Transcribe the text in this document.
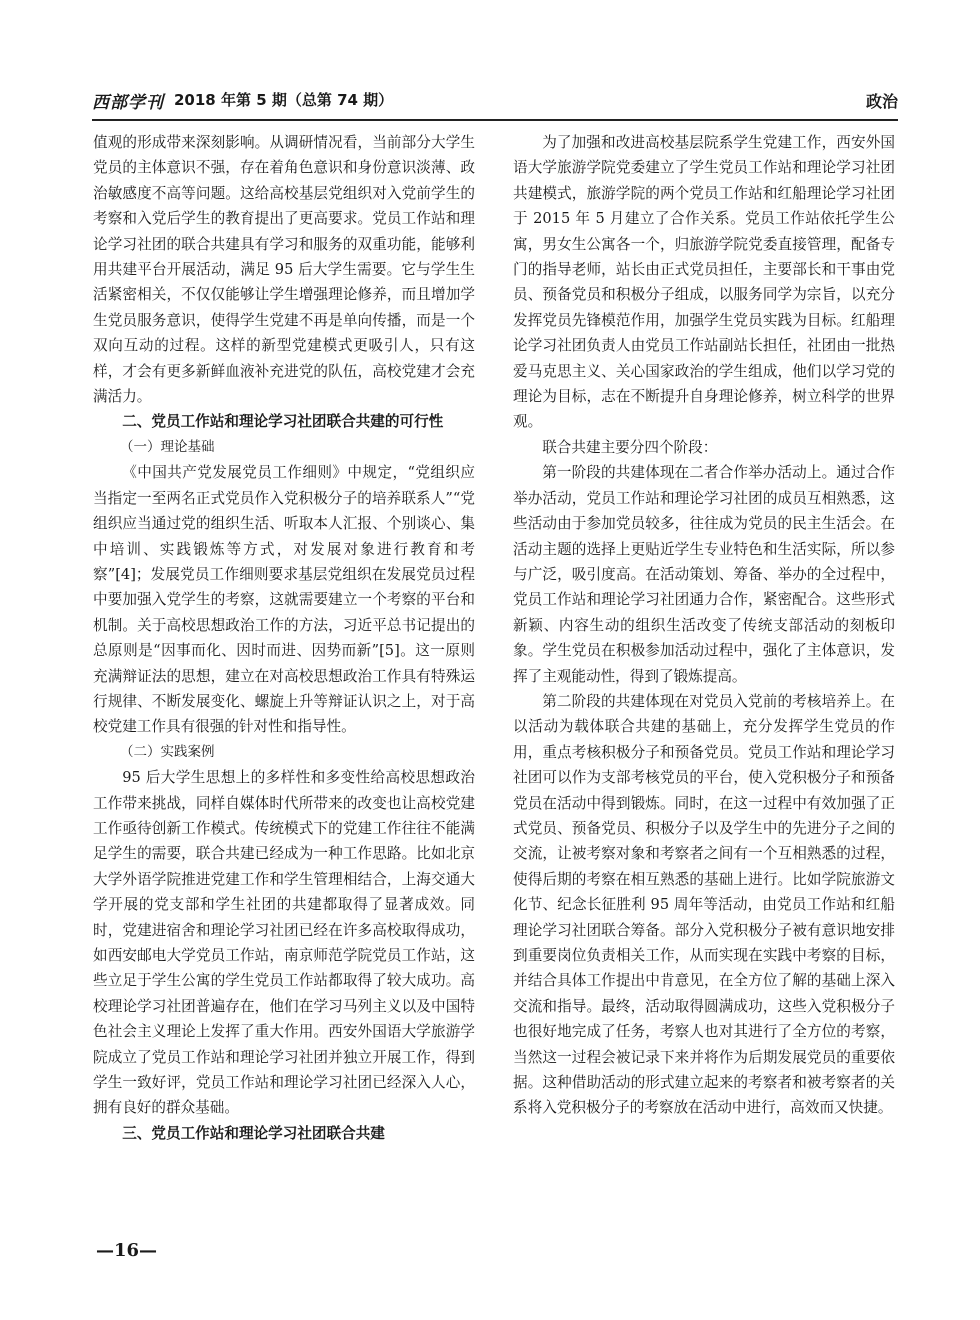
西部学刊 2018 年第 5 期（总第 74 期）	政治

值观的形成带来深刻影响。从调研情况看，当前部分大学生党员的主体意识不强，存在着角色意识和身份意识淡薄、政治敏感度不高等问题。这给高校基层党组织对入党前学生的考察和入党后学生的教育提出了更高要求。党员工作站和理论学习社团的联合共建具有学习和服务的双重功能，能够利用共建平台开展活动，满足 95 后大学生需要。它与学生生活紧密相关，不仅仅能够让学生增强理论修养，而且增加学生党员服务意识，使得学生党建不再是单向传播，而是一个双向互动的过程。这样的新型党建模式更吸引人，只有这样，才会有更多新鲜血液补充进党的队伍，高校党建才会充满活力。

二、党员工作站和理论学习社团联合共建的可行性
（一）理论基础

《中国共产党发展党员工作细则》中规定，“党组织应当指定一至两名正式党员作入党积极分子的培养联系人”“党组织应当通过党的组织生活、听取本人汇报、个别谈心、集中培训、实践锻炼等方式，对发展对象进行教育和考察”[4]；发展党员工作细则要求基层党组织在发展党员过程中要加强入党学生的考察，这就需要建立一个考察的平台和机制。关于高校思想政治工作的方法，习近平总书记提出的总原则是“因事而化、因时而进、因势而新”[5]。这一原则充满辩证法的思想，建立在对高校思想政治工作具有特殊运行规律、不断发展变化、螺旋上升等辩证认识之上，对于高校党建工作具有很强的针对性和指导性。

（二）实践案例

95 后大学生思想上的多样性和多变性给高校思想政治工作带来挑战，同样自媒体时代所带来的改变也让高校党建工作亟待创新工作模式。传统模式下的党建工作往往不能满足学生的需要，联合共建已经成为一种工作思路。比如北京大学外语学院推进党建工作和学生管理相结合，上海交通大学开展的党支部和学生社团的共建都取得了显著成效。同时，党建进宿舍和理论学习社团已经在许多高校取得成功，如西安邮电大学党员工作站，南京师范学院党员工作站，这些立足于学生公寓的学生党员工作站都取得了较大成功。高校理论学习社团普遍存在，他们在学习马列主义以及中国特色社会主义理论上发挥了重大作用。西安外国语大学旅游学院成立了党员工作站和理论学习社团并独立开展工作，得到学生一致好评，党员工作站和理论学习社团已经深入人心，拥有良好的群众基础。

三、党员工作站和理论学习社团联合共建

为了加强和改进高校基层院系学生党建工作，西安外国语大学旅游学院党委建立了学生党员工作站和理论学习社团共建模式，旅游学院的两个党员工作站和红船理论学习社团于 2015 年 5 月建立了合作关系。党员工作站依托学生公寓，男女生公寓各一个，归旅游学院党委直接管理，配备专门的指导老师，站长由正式党员担任，主要部长和干事由党员、预备党员和积极分子组成，以服务同学为宗旨，以充分发挥党员先锋模范作用，加强学生党员实践为目标。红船理论学习社团负责人由党员工作站副站长担任，社团由一批热爱马克思主义、关心国家政治的学生组成，他们以学习党的理论为目标，志在不断提升自身理论修养，树立科学的世界观。

联合共建主要分四个阶段：

第一阶段的共建体现在二者合作举办活动上。通过合作举办活动，党员工作站和理论学习社团的成员互相熟悉，这些活动由于参加党员较多，往往成为党员的民主生活会。在活动主题的选择上更贴近学生专业特色和生活实际，所以参与广泛，吸引度高。在活动策划、筹备、举办的全过程中，党员工作站和理论学习社团通力合作，紧密配合。这些形式新颖、内容生动的组织生活改变了传统支部活动的刻板印象。学生党员在积极参加活动过程中，强化了主体意识，发挥了主观能动性，得到了锻炼提高。

第二阶段的共建体现在对党员入党前的考核培养上。在以活动为载体联合共建的基础上，充分发挥学生党员的作用，重点考核积极分子和预备党员。党员工作站和理论学习社团可以作为支部考核党员的平台，使入党积极分子和预备党员在活动中得到锻炼。同时，在这一过程中有效加强了正式党员、预备党员、积极分子以及学生中的先进分子之间的交流，让被考察对象和考察者之间有一个互相熟悉的过程，使得后期的考察在相互熟悉的基础上进行。比如学院旅游文化节、纪念长征胜利 95 周年等活动，由党员工作站和红船理论学习社团联合筹备。部分入党积极分子被有意识地安排到重要岗位负责相关工作，从而实现在实践中考察的目标，并结合具体工作提出中肯意见，在全方位了解的基础上深入交流和指导。最终，活动取得圆满成功，这些入党积极分子也很好地完成了任务，考察人也对其进行了全方位的考察，当然这一过程会被记录下来并将作为后期发展党员的重要依据。这种借助活动的形式建立起来的考察者和被考察者的关系将入党积极分子的考察放在活动中进行，高效而又快捷。

—16—
